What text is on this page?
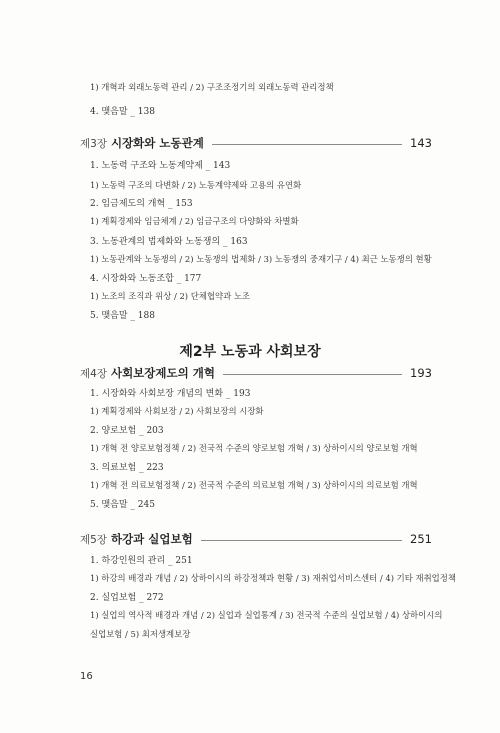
1) 개혁과 외래노동력 관리 / 2) 구조조정기의 외래노동력 관리정책
4. 맺음말 _ 138
제3장 시장화와 노동관계	143
1. 노동력 구조와 노동계약제 _ 143
1) 노동력 구조의 다변화 / 2) 노동계약제와 고용의 유연화
2. 임금제도의 개혁 _ 153
1) 계획경제와 임금체계 / 2) 임금구조의 다양화와 차별화
3. 노동관계의 법제화와 노동쟁의 _ 163
1) 노동관계와 노동쟁의 / 2) 노동쟁의 법제화 / 3) 노동쟁의 중재기구 / 4) 최근 노동쟁의 현황
4. 시장화와 노동조합 _ 177
1) 노조의 조직과 위상 / 2) 단체협약과 노조
5. 맺음말 _ 188
제2부 노동과 사회보장
제4장 사회보장제도의 개혁	193
1. 시장화와 사회보장 개념의 변화 _ 193
1) 계획경제와 사회보장 / 2) 사회보장의 시장화
2. 양로보험 _ 203
1) 개혁 전 양로보험정책 / 2) 전국적 수준의 양로보험 개혁 / 3) 상하이시의 양로보험 개혁
3. 의료보험 _ 223
1) 개혁 전 의료보험정책 / 2) 전국적 수준의 의료보험 개혁 / 3) 상하이시의 의료보험 개혁
5. 맺음말 _ 245
제5장 하강과 실업보험	251
1. 하강인원의 관리 _ 251
1) 하강의 배경과 개념 / 2) 상하이시의 하강정책과 현황 / 3) 재취업서비스센터 / 4) 기타 재취업정책
2. 실업보험 _ 272
1) 실업의 역사적 배경과 개념 / 2) 실업과 실업통계 / 3) 전국적 수준의 실업보험 / 4) 상하이시의
실업보험 / 5) 최저생계보장
16
